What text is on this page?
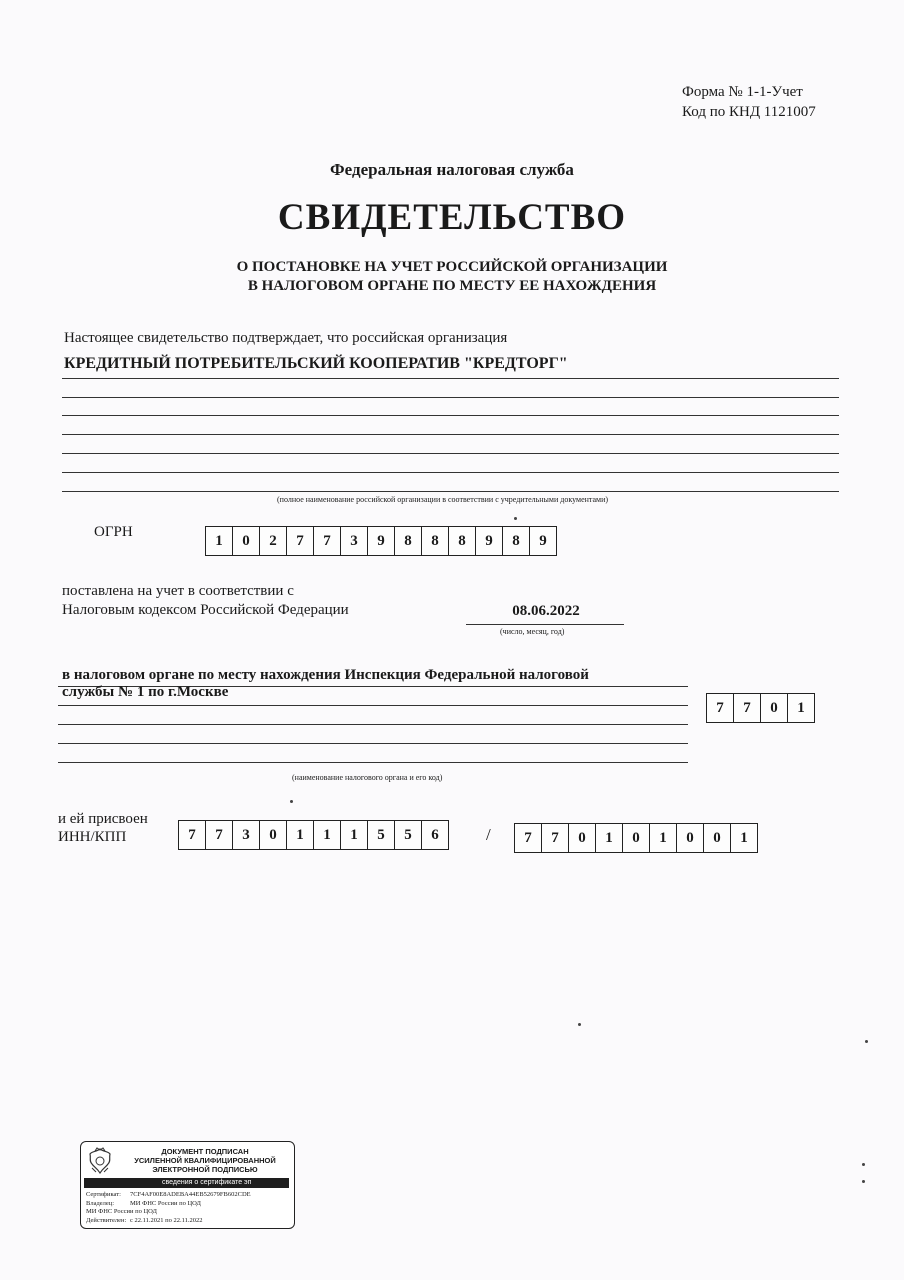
Форма № 1-1-Учет
Код по КНД 1121007
Федеральная налоговая служба
СВИДЕТЕЛЬСТВО
О ПОСТАНОВКЕ НА УЧЕТ РОССИЙСКОЙ ОРГАНИЗАЦИИ
В НАЛОГОВОМ ОРГАНЕ ПО МЕСТУ ЕЕ НАХОЖДЕНИЯ
Настоящее свидетельство подтверждает, что российская организация
КРЕДИТНЫЙ ПОТРЕБИТЕЛЬСКИЙ КООПЕРАТИВ "КРЕДТОРГ"
(полное наименование российской организации в соответствии с учредительными документами)
ОГРН
1	0	2	7	7	3	9	8	8	8	9	8	9
поставлена на учет в соответствии с
Налоговым кодексом Российской Федерации	08.06.2022
(число, месяц, год)
в налоговом органе по месту нахождения Инспекция Федеральной налоговой
службы № 1 по г.Москве
(наименование налогового органа и его код)
7	7	0	1
и ей присвоен
ИНН/КПП	7	7	3	0	1	1	1	5	5	6	/	7	7	0	1	0	1	0	0	1
ДОКУМЕНТ ПОДПИСАН
УСИЛЕННОЙ КВАЛИФИЦИРОВАННОЙ
ЭЛЕКТРОННОЙ ПОДПИСЬЮ
сведения о сертификате эп
Сертификат: 7CF4AF00E8ADEBA44EB52679FB602CDE
Владелец: МИ ФНС России по ЦОД
МИ ФНС России по ЦОД
Действителен: с 22.11.2021 по 22.11.2022
